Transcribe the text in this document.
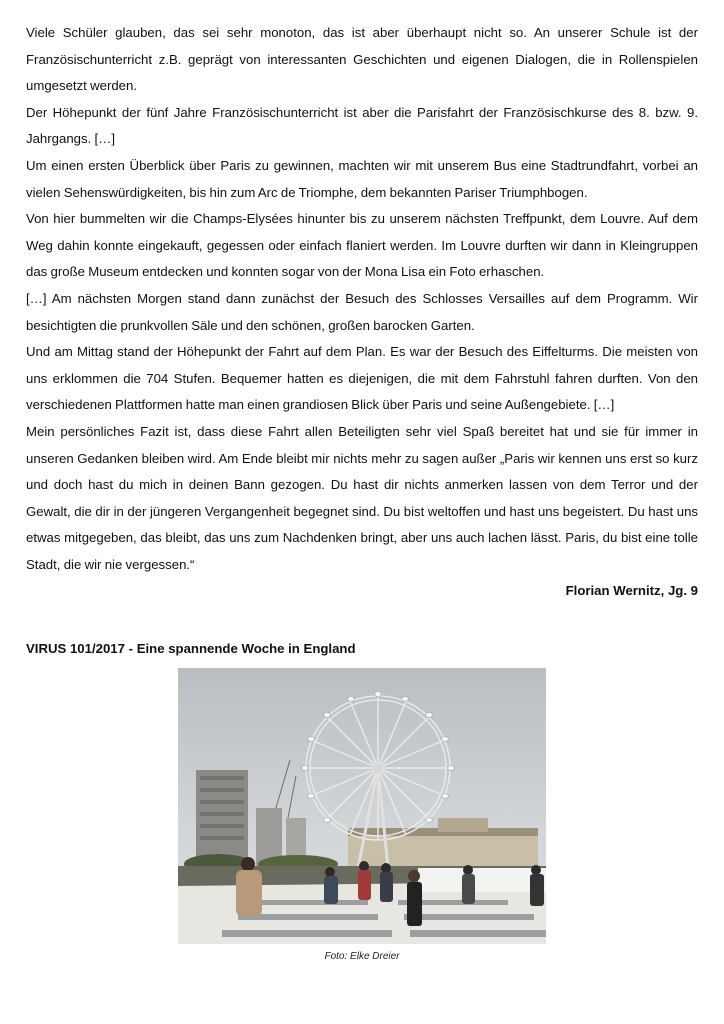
Viele Schüler glauben, das sei sehr monoton, das ist aber überhaupt nicht so. An unserer Schule ist der Französischunterricht z.B. geprägt von interessanten Geschichten und eigenen Dialogen, die in Rollenspielen umgesetzt werden.

Der Höhepunkt der fünf Jahre Französischunterricht ist aber die Parisfahrt der Französischkurse des 8. bzw. 9. Jahrgangs. […]

Um einen ersten Überblick über Paris zu gewinnen, machten wir mit unserem Bus eine Stadtrundfahrt, vorbei an vielen Sehenswürdigkeiten, bis hin zum Arc de Triomphe, dem bekannten Pariser Triumphbogen.

Von hier bummelten wir die Champs-Elysées hinunter bis zu unserem nächsten Treffpunkt, dem Louvre. Auf dem Weg dahin konnte eingekauft, gegessen oder einfach flaniert werden. Im Louvre durften wir dann in Kleingruppen das große Museum entdecken und konnten sogar von der Mona Lisa ein Foto erhaschen.

[…] Am nächsten Morgen stand dann zunächst der Besuch des Schlosses Versailles auf dem Programm. Wir besichtigten die prunkvollen Säle und den schönen, großen barocken Garten.

Und am Mittag stand der Höhepunkt der Fahrt auf dem Plan. Es war der Besuch des Eiffelturms. Die meisten von uns erklommen die 704 Stufen. Bequemer hatten es diejenigen, die mit dem Fahrstuhl fahren durften. Von den verschiedenen Plattformen hatte man einen grandiosen Blick über Paris und seine Außengebiete. […]

Mein persönliches Fazit ist, dass diese Fahrt allen Beteiligten sehr viel Spaß bereitet hat und sie für immer in unseren Gedanken bleiben wird. Am Ende bleibt mir nichts mehr zu sagen außer „Paris wir kennen uns erst so kurz und doch hast du mich in deinen Bann gezogen. Du hast dir nichts anmerken lassen von dem Terror und der Gewalt, die dir in der jüngeren Vergangenheit begegnet sind. Du bist weltoffen und hast uns begeistert. Du hast uns etwas mitgegeben, das bleibt, das uns zum Nachdenken bringt, aber uns auch lachen lässt. Paris, du bist eine tolle Stadt, die wir nie vergessen.“

Florian Wernitz, Jg. 9

VIRUS 101/2017 - Eine spannende Woche in England
Foto: Elke Dreier
